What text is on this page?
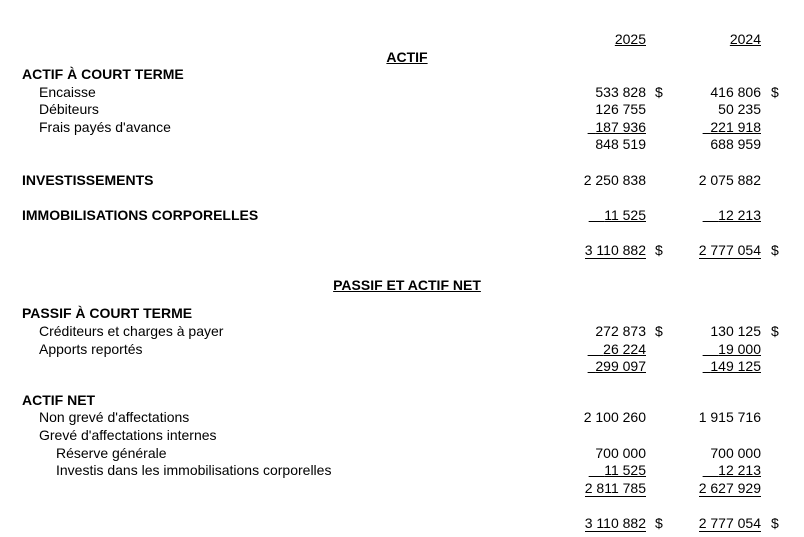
2025	2024
ACTIF
ACTIF À COURT TERME
Encaisse	533 828 $	416 806 $
Débiteurs	126 755	50 235
Frais payés d'avance	187 936	221 918
848 519	688 959
INVESTISSEMENTS	2 250 838	2 075 882
IMMOBILISATIONS CORPORELLES	11 525	12 213
3 110 882 $	2 777 054 $
PASSIF ET ACTIF NET
PASSIF À COURT TERME
Créditeurs et charges à payer	272 873 $	130 125 $
Apports reportés	26 224	19 000
299 097	149 125
ACTIF NET
Non grevé d'affectations	2 100 260	1 915 716
Grevé d'affectations internes
Réserve générale	700 000	700 000
Investis dans les immobilisations corporelles	11 525	12 213
2 811 785	2 627 929
3 110 882 $	2 777 054 $
